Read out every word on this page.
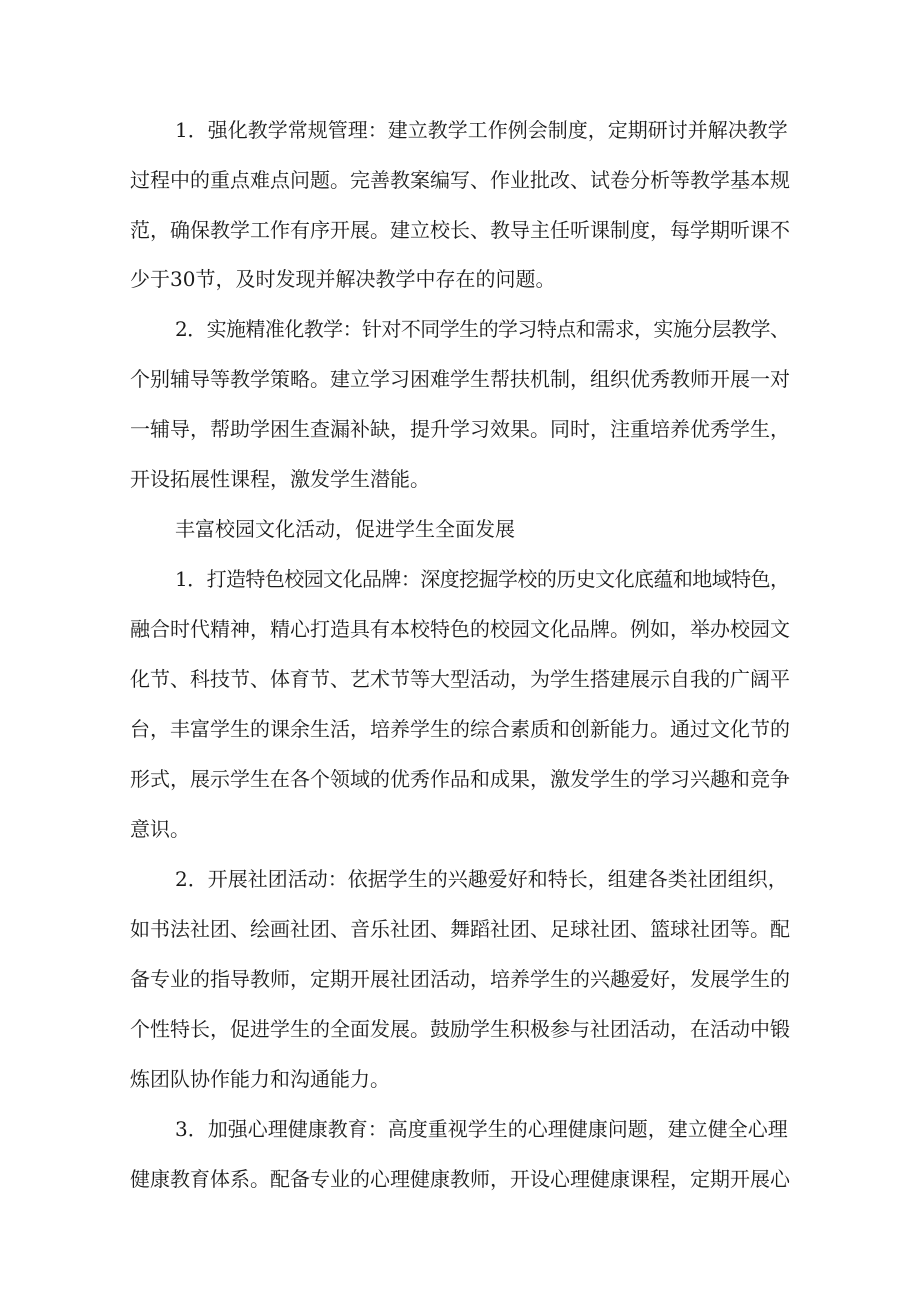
1．强化教学常规管理：建立教学工作例会制度，定期研讨并解决教学
过程中的重点难点问题。完善教案编写、作业批改、试卷分析等教学基本规
范，确保教学工作有序开展。建立校长、教导主任听课制度，每学期听课不
少于30节，及时发现并解决教学中存在的问题。
2．实施精准化教学：针对不同学生的学习特点和需求，实施分层教学、
个别辅导等教学策略。建立学习困难学生帮扶机制，组织优秀教师开展一对
一辅导，帮助学困生查漏补缺，提升学习效果。同时，注重培养优秀学生，
开设拓展性课程，激发学生潜能。
丰富校园文化活动，促进学生全面发展
1．打造特色校园文化品牌：深度挖掘学校的历史文化底蕴和地域特色，
融合时代精神，精心打造具有本校特色的校园文化品牌。例如，举办校园文
化节、科技节、体育节、艺术节等大型活动，为学生搭建展示自我的广阔平
台，丰富学生的课余生活，培养学生的综合素质和创新能力。通过文化节的
形式，展示学生在各个领域的优秀作品和成果，激发学生的学习兴趣和竞争
意识。
2．开展社团活动：依据学生的兴趣爱好和特长，组建各类社团组织，
如书法社团、绘画社团、音乐社团、舞蹈社团、足球社团、篮球社团等。配
备专业的指导教师，定期开展社团活动，培养学生的兴趣爱好，发展学生的
个性特长，促进学生的全面发展。鼓励学生积极参与社团活动，在活动中锻
炼团队协作能力和沟通能力。
3．加强心理健康教育：高度重视学生的心理健康问题，建立健全心理
健康教育体系。配备专业的心理健康教师，开设心理健康课程，定期开展心
